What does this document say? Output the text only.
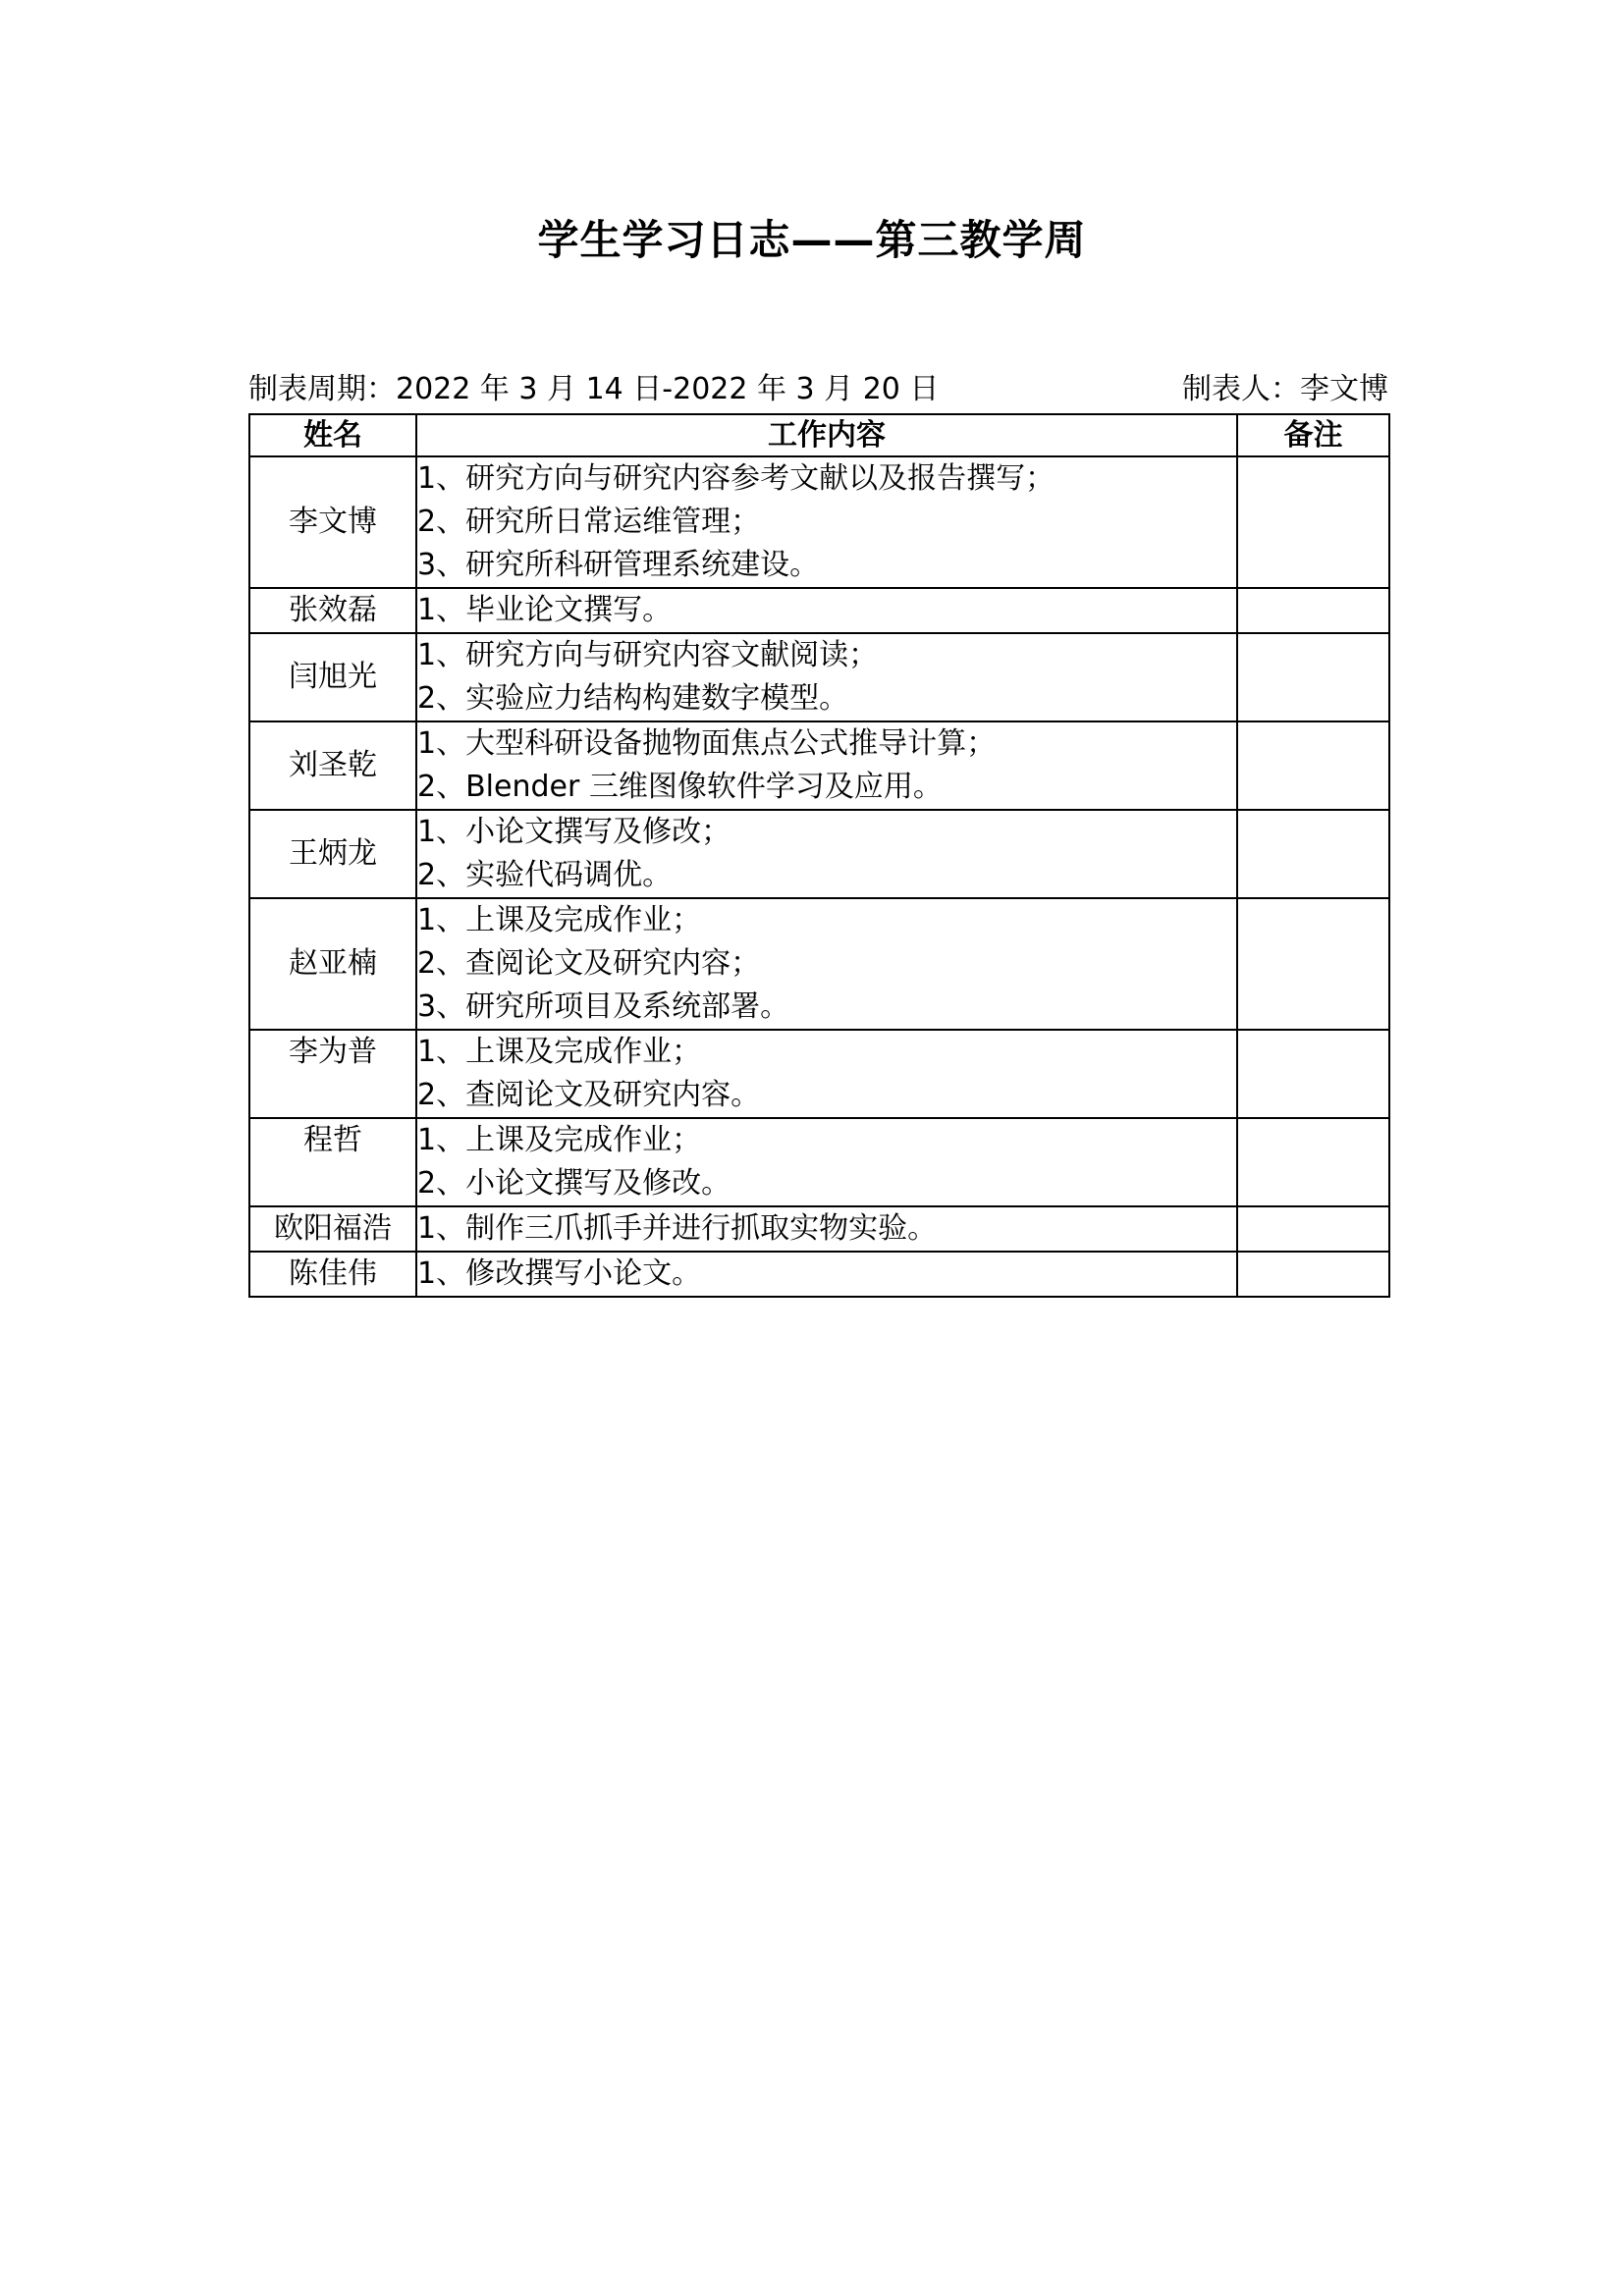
学生学习日志——第三教学周
制表周期：2022 年 3 月 14 日-2022 年 3 月 20 日	制表人：李文博
姓名	工作内容	备注
李文博	1、研究方向与研究内容参考文献以及报告撰写；
2、研究所日常运维管理；
3、研究所科研管理系统建设。	

张效磊	1、毕业论文撰写。	

闫旭光	1、研究方向与研究内容文献阅读；
2、实验应力结构构建数字模型。	

刘圣乾	1、大型科研设备抛物面焦点公式推导计算；
2、Blender 三维图像软件学习及应用。	

王炳龙	1、小论文撰写及修改；
2、实验代码调优。	

赵亚楠	1、上课及完成作业；
2、查阅论文及研究内容；
3、研究所项目及系统部署。	

李为普	1、上课及完成作业；
2、查阅论文及研究内容。	

程哲	1、上课及完成作业；
2、小论文撰写及修改。	

欧阳福浩	1、制作三爪抓手并进行抓取实物实验。	

陈佳伟	1、修改撰写小论文。	
